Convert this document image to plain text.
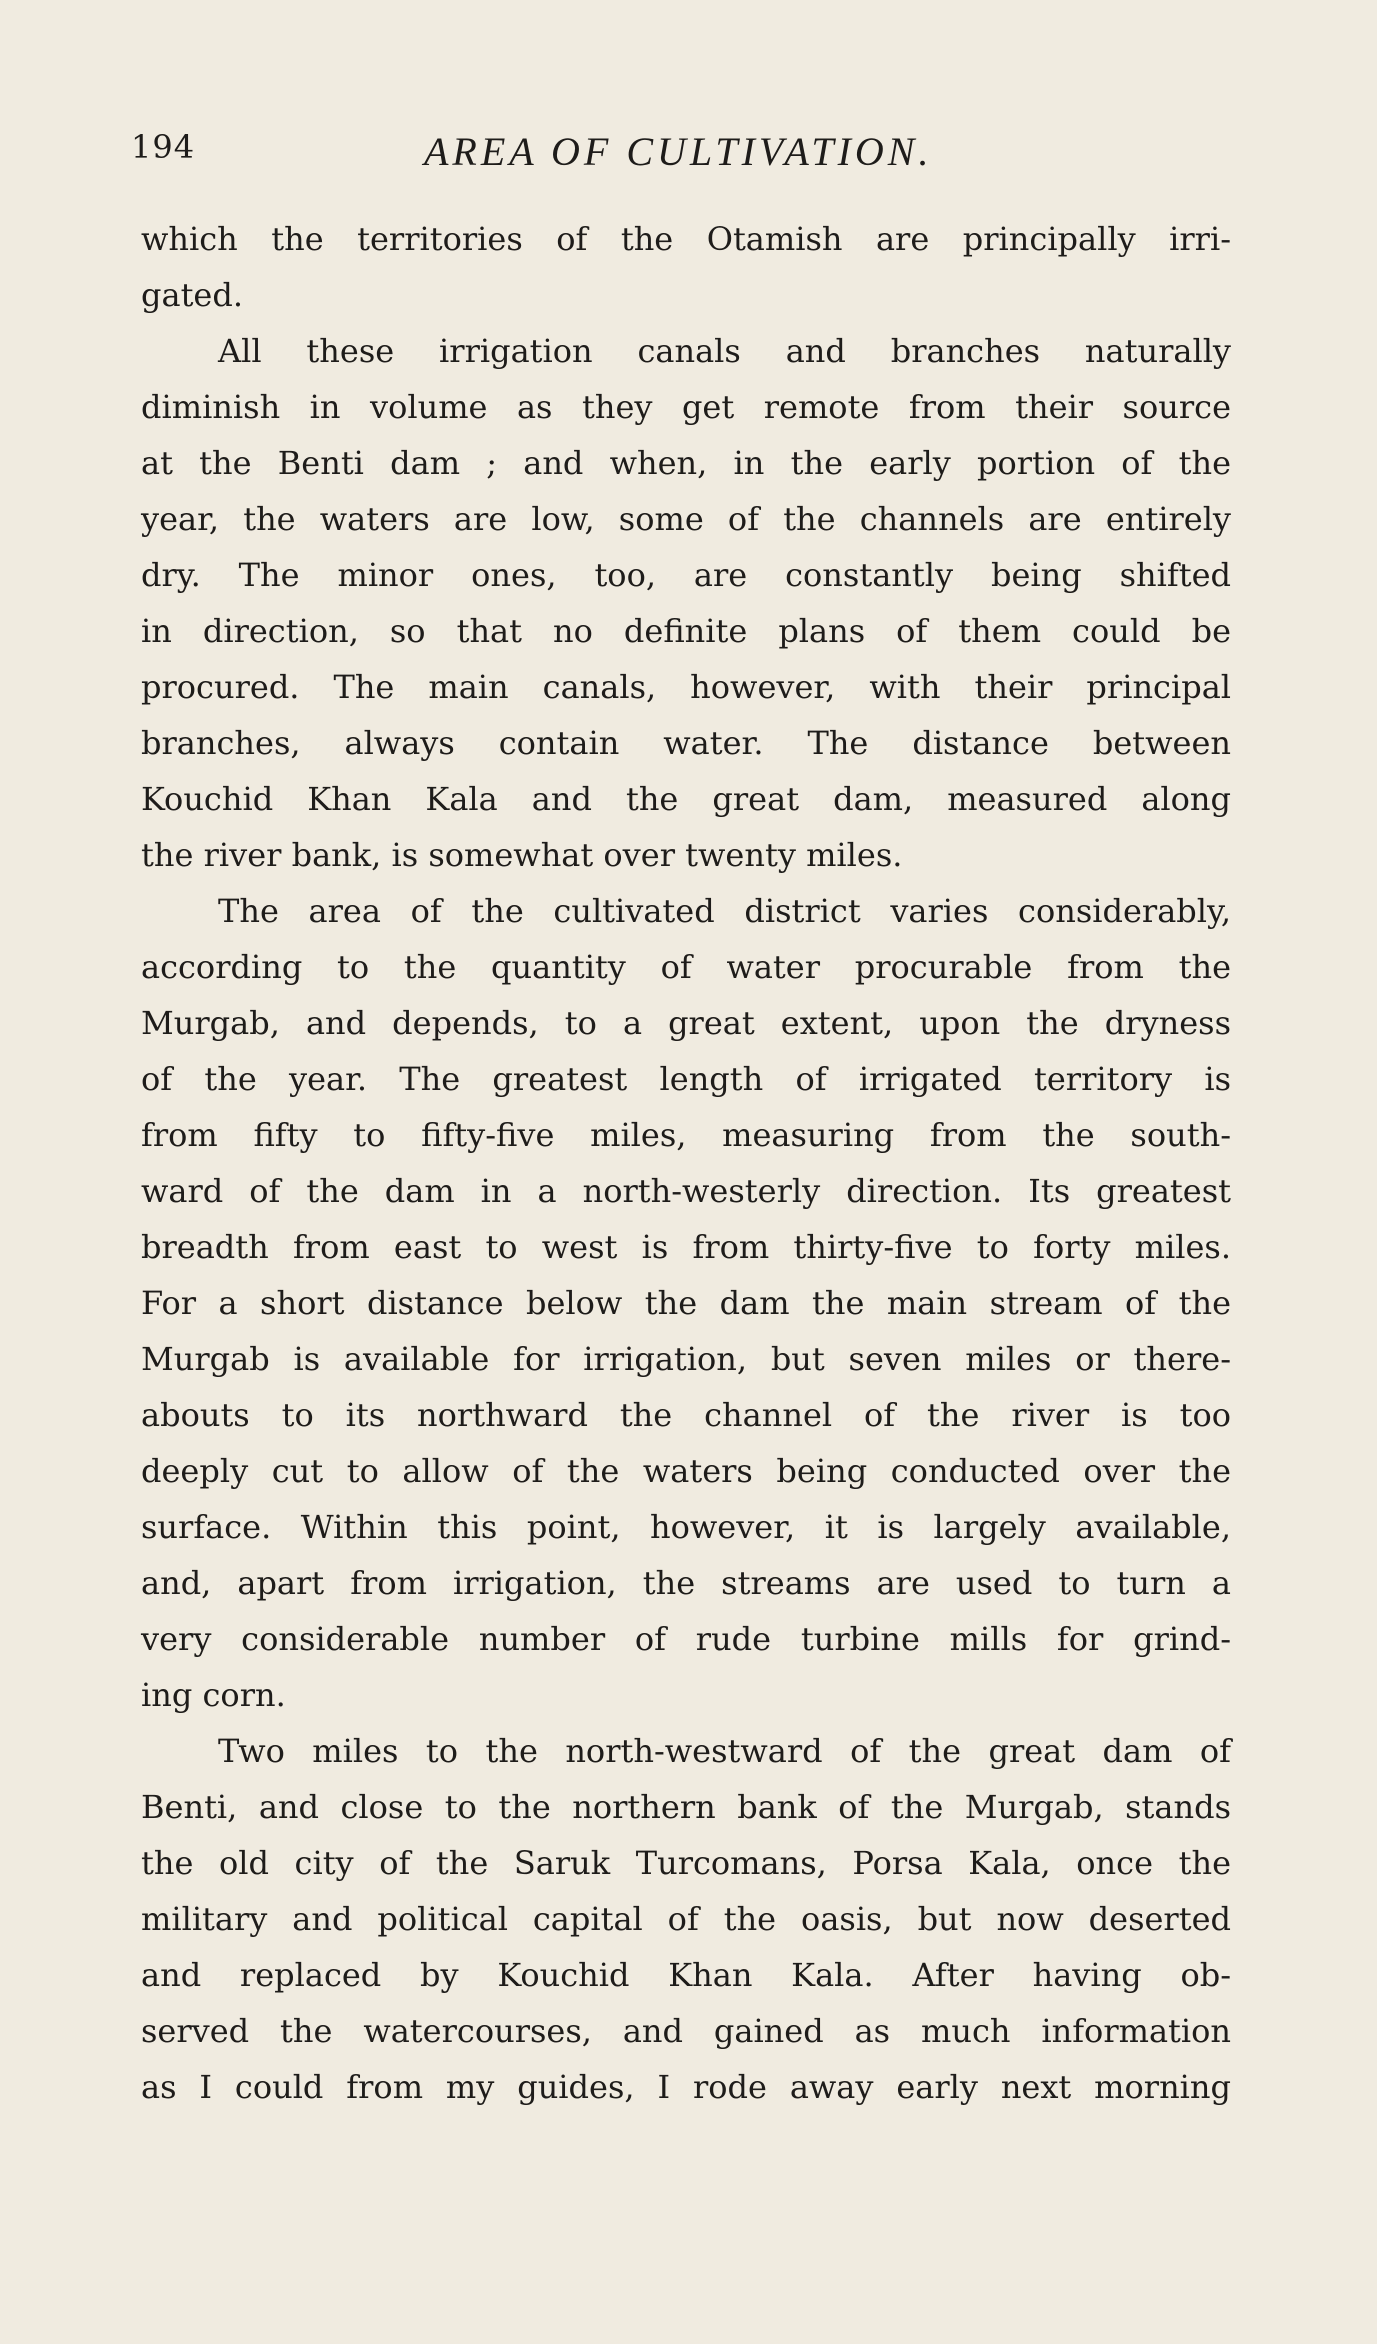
194	AREA OF CULTIVATION.
which the territories of the Otamish are principally irri-
gated.
All these irrigation canals and branches naturally
diminish in volume as they get remote from their source
at the Benti dam ; and when, in the early portion of the
year, the waters are low, some of the channels are entirely
dry. The minor ones, too, are constantly being shifted
in direction, so that no definite plans of them could be
procured. The main canals, however, with their principal
branches, always contain water. The distance between
Kouchid Khan Kala and the great dam, measured along
the river bank, is somewhat over twenty miles.
The area of the cultivated district varies considerably,
according to the quantity of water procurable from the
Murgab, and depends, to a great extent, upon the dryness
of the year. The greatest length of irrigated territory is
from fifty to fifty-five miles, measuring from the south-
ward of the dam in a north-westerly direction. Its greatest
breadth from east to west is from thirty-five to forty miles.
For a short distance below the dam the main stream of the
Murgab is available for irrigation, but seven miles or there-
abouts to its northward the channel of the river is too
deeply cut to allow of the waters being conducted over the
surface. Within this point, however, it is largely available,
and, apart from irrigation, the streams are used to turn a
very considerable number of rude turbine mills for grind-
ing corn.
Two miles to the north-westward of the great dam of
Benti, and close to the northern bank of the Murgab, stands
the old city of the Saruk Turcomans, Porsa Kala, once the
military and political capital of the oasis, but now deserted
and replaced by Kouchid Khan Kala. After having ob-
served the watercourses, and gained as much information
as I could from my guides, I rode away early next morning
